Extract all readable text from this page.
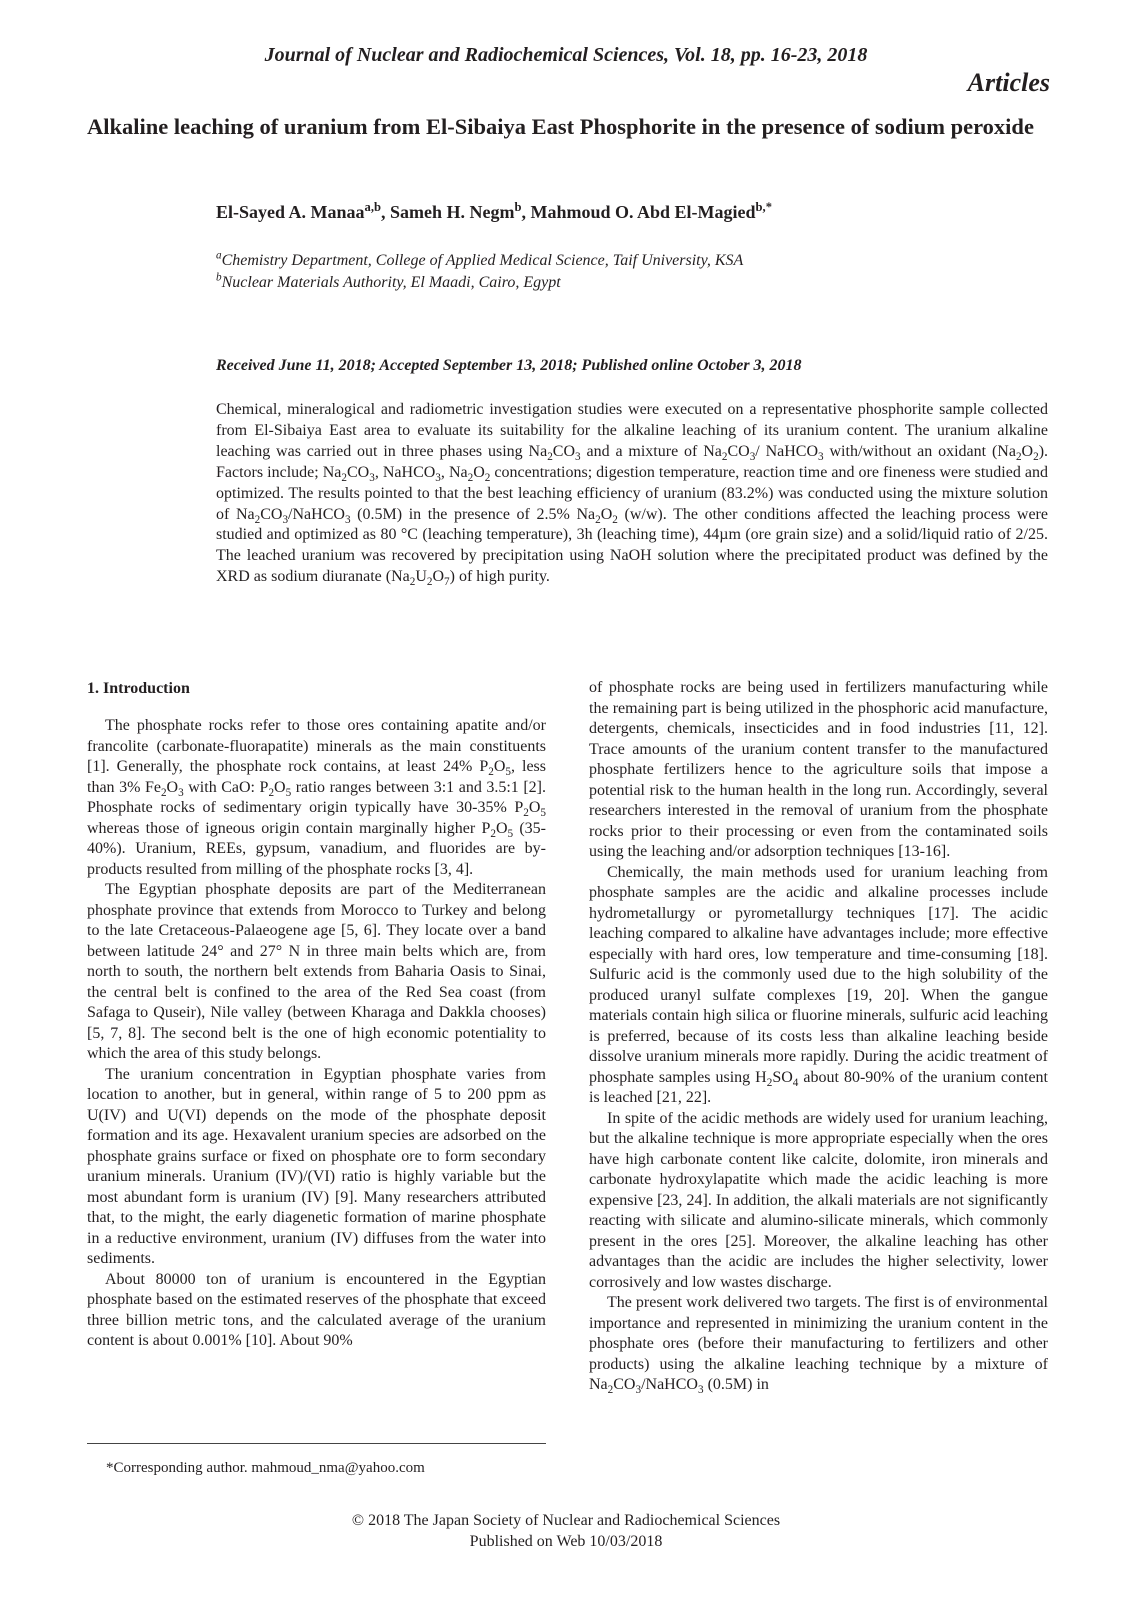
Journal of Nuclear and Radiochemical Sciences, Vol. 18, pp. 16-23, 2018
Articles
Alkaline leaching of uranium from El-Sibaiya East Phosphorite in the presence of sodium peroxide
El-Sayed A. Manaa$^{a,b}$, Sameh H. Negm$^b$, Mahmoud O. Abd El-Magied$^{b,*}$
$^a$Chemistry Department, College of Applied Medical Science, Taif University, KSA
$^b$Nuclear Materials Authority, El Maadi, Cairo, Egypt
Received June 11, 2018; Accepted September 13, 2018; Published online October 3, 2018

Chemical, mineralogical and radiometric investigation studies were executed on a representative phosphorite sample collected from El-Sibaiya East area to evaluate its suitability for the alkaline leaching of its uranium content. The uranium alkaline leaching was carried out in three phases using $Na_2CO_3$ and a mixture of $Na_2CO_3/$ NaHCO$_3$ with/without an oxidant $(Na_2O_2)$. Factors include; $Na_2CO_3$, NaHCO$_3$, $Na_2O_2$ concentrations; digestion temperature, reaction time and ore fineness were studied and optimized. The results pointed to that the best leaching efficiency of uranium (83.2%) was conducted using the mixture solution of $Na_2CO_3/NaHCO_3$ (0.5M) in the presence of 2.5% $Na_2O_2$ (w/w). The other conditions affected the leaching process were studied and optimized as 80 °C (leaching temperature), 3h (leaching time), 44µm (ore grain size) and a solid/liquid ratio of 2/25. The leached uranium was recovered by precipitation using NaOH solution where the precipitated product was defined by the XRD as sodium diuranate $(Na_2U_2O_7)$ of high purity.

1. Introduction

The phosphate rocks refer to those ores containing apatite and/or francolite (carbonate-fluorapatite) minerals as the main constituents [1]. Generally, the phosphate rock contains, at least 24% $P_2O_5$, less than 3% $Fe_2O_3$ with CaO: $P_2O_5$ ratio ranges between 3:1 and 3.5:1 [2]. Phosphate rocks of sedimentary origin typically have 30-35% $P_2O_5$ whereas those of igneous origin contain marginally higher $P_2O_5$ (35-40%). Uranium, REEs, gypsum, vanadium, and fluorides are by-products resulted from milling of the phosphate rocks [3, 4].

The Egyptian phosphate deposits are part of the Mediterranean phosphate province that extends from Morocco to Turkey and belong to the late Cretaceous-Palaeogene age [5, 6]. They locate over a band between latitude 24° and 27° N in three main belts which are, from north to south, the northern belt extends from Baharia Oasis to Sinai, the central belt is confined to the area of the Red Sea coast (from Safaga to Quseir), Nile valley (between Kharaga and Dakkla chooses) [5, 7, 8]. The second belt is the one of high economic potentiality to which the area of this study belongs.

The uranium concentration in Egyptian phosphate varies from location to another, but in general, within range of 5 to 200 ppm as U(IV) and U(VI) depends on the mode of the phosphate deposit formation and its age. Hexavalent uranium species are adsorbed on the phosphate grains surface or fixed on phosphate ore to form secondary uranium minerals. Uranium (IV)/(VI) ratio is highly variable but the most abundant form is uranium (IV) [9]. Many researchers attributed that, to the might, the early diagenetic formation of marine phosphate in a reductive environment, uranium (IV) diffuses from the water into sediments.

About 80000 ton of uranium is encountered in the Egyptian phosphate based on the estimated reserves of the phosphate that exceed three billion metric tons, and the calculated average of the uranium content is about 0.001% [10]. About 90%

of phosphate rocks are being used in fertilizers manufacturing while the remaining part is being utilized in the phosphoric acid manufacture, detergents, chemicals, insecticides and in food industries [11, 12]. Trace amounts of the uranium content transfer to the manufactured phosphate fertilizers hence to the agriculture soils that impose a potential risk to the human health in the long run. Accordingly, several researchers interested in the removal of uranium from the phosphate rocks prior to their processing or even from the contaminated soils using the leaching and/or adsorption techniques [13-16].

Chemically, the main methods used for uranium leaching from phosphate samples are the acidic and alkaline processes include hydrometallurgy or pyrometallurgy techniques [17]. The acidic leaching compared to alkaline have advantages include; more effective especially with hard ores, low temperature and time-consuming [18]. Sulfuric acid is the commonly used due to the high solubility of the produced uranyl sulfate complexes [19, 20]. When the gangue materials contain high silica or fluorine minerals, sulfuric acid leaching is preferred, because of its costs less than alkaline leaching beside dissolve uranium minerals more rapidly. During the acidic treatment of phosphate samples using $H_2SO_4$ about 80-90% of the uranium content is leached [21, 22].

In spite of the acidic methods are widely used for uranium leaching, but the alkaline technique is more appropriate especially when the ores have high carbonate content like calcite, dolomite, iron minerals and carbonate hydroxylapatite which made the acidic leaching is more expensive [23, 24]. In addition, the alkali materials are not significantly reacting with silicate and alumino-silicate minerals, which commonly present in the ores [25]. Moreover, the alkaline leaching has other advantages than the acidic are includes the higher selectivity, lower corrosively and low wastes discharge.

The present work delivered two targets. The first is of environmental importance and represented in minimizing the uranium content in the phosphate ores (before their manufacturing to fertilizers and other products) using the alkaline leaching technique by a mixture of $Na_2CO_3/NaHCO_3$ (0.5M) in

*Corresponding author. mahmoud_nma@yahoo.com
© 2018 The Japan Society of Nuclear and Radiochemical Sciences
Published on Web 10/03/2018
